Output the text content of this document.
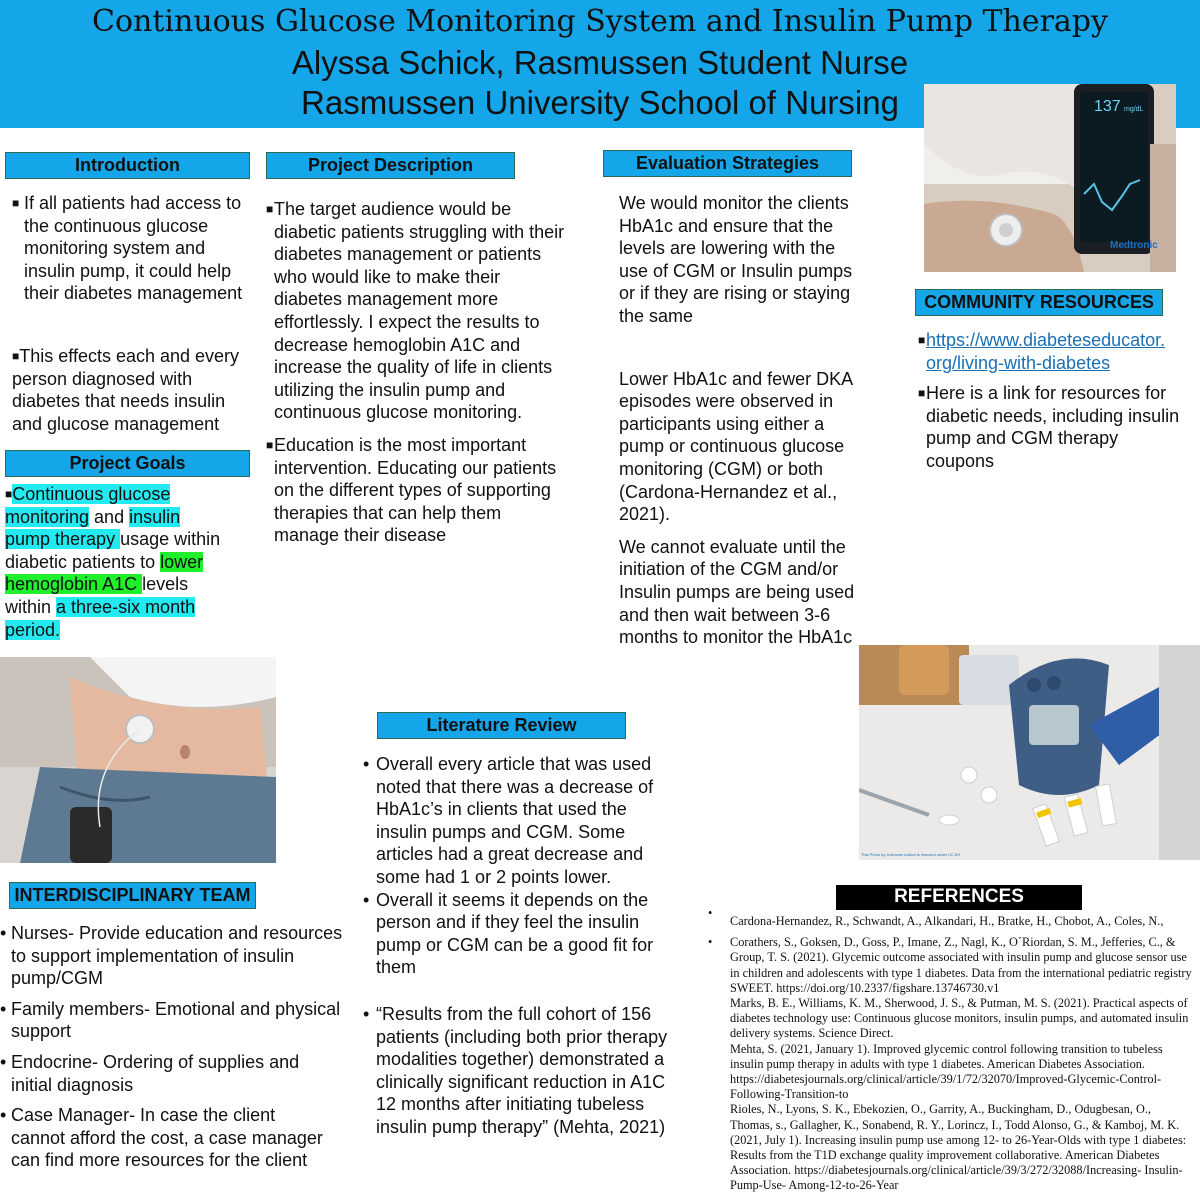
Continuous Glucose Monitoring System and Insulin Pump Therapy
Alyssa Schick, Rasmussen Student Nurse
Rasmussen University School of Nursing	137 mg/dL
Medtronic
Introduction
■ If all patients had access to the continuous glucose monitoring system and insulin pump, it could help their diabetes management
■This effects each and every person diagnosed with diabetes that needs insulin and glucose management
Project Goals
■Continuous glucose monitoring and insulin pump therapy usage within diabetic patients to lower hemoglobin A1C levels within a three-six month period.
Project Description
■ The target audience would be diabetic patients struggling with their diabetes management or patients who would like to make their diabetes management more effortlessly. I expect the results to decrease hemoglobin A1C and increase the quality of life in clients utilizing the insulin pump and continuous glucose monitoring.
■ Education is the most important intervention. Educating our patients on the different types of supporting therapies that can help them manage their disease
Evaluation Strategies
We would monitor the clients HbA1c and ensure that the levels are lowering with the use of CGM or Insulin pumps or if they are rising or staying the same
Lower HbA1c and fewer DKA episodes were observed in participants using either a pump or continuous glucose monitoring (CGM) or both (Cardona-Hernandez et al., 2021).
We cannot evaluate until the initiation of the CGM and/or Insulin pumps are being used and then wait between 3-6 months to monitor the HbA1c
COMMUNITY RESOURCES
■ https://www.diabeteseducator.
org/living-with-diabetes
■ Here is a link for resources for diabetic needs, including insulin pump and CGM therapy coupons
Literature Review
• Overall every article that was used noted that there was a decrease of HbA1c’s in clients that used the insulin pumps and CGM. Some articles had a great decrease and some had 1 or 2 points lower.
• Overall it seems it depends on the person and if they feel the insulin pump or CGM can be a good fit for them
• “Results from the full cohort of 156 patients (including both prior therapy modalities together) demonstrated a clinically significant reduction in A1C 12 months after initiating tubeless insulin pump therapy” (Mehta, 2021)
INTERDISCIPLINARY TEAM
• Nurses- Provide education and resources to support implementation of insulin pump/CGM
• Family members- Emotional and physical support
• Endocrine- Ordering of supplies and initial diagnosis
• Case Manager- In case the client cannot afford the cost, a case manager can find more resources for the client
This Photo by Unknown Author is licensed under CC BY
REFERENCES
•
Cardona-Hernandez, R., Schwandt, A., Alkandari, H., Bratke, H., Chobot, A., Coles, N.,
• Corathers, S., Goksen, D., Goss, P., Imane, Z., Nagl, K., O´Riordan, S. M., Jefferies, C., & Group, T. S. (2021). Glycemic outcome associated with insulin pump and glucose sensor use in children and adolescents with type 1 diabetes. Data from the international pediatric registry SWEET. https://doi.org/10.2337/figshare.13746730.v1
Marks, B. E., Williams, K. M., Sherwood, J. S., & Putman, M. S. (2021). Practical aspects of diabetes technology use: Continuous glucose monitors, insulin pumps, and automated insulin delivery systems. Science Direct.
Mehta, S. (2021, January 1). Improved glycemic control following transition to tubeless insulin pump therapy in adults with type 1 diabetes. American Diabetes Association. https://diabetesjournals.org/clinical/article/39/1/72/32070/Improved-Glycemic-Control-Following-Transition-to
Rioles, N., Lyons, S. K., Ebekozien, O., Garrity, A., Buckingham, D., Odugbesan, O., Thomas, s., Gallagher, K., Sonabend, R. Y., Lorincz, I., Todd Alonso, G., & Kamboj, M. K. (2021, July 1). Increasing insulin pump use among 12- to 26-Year-Olds with type 1 diabetes: Results from the T1D exchange quality improvement collaborative. American Diabetes Association. https://diabetesjournals.org/clinical/article/39/3/272/32088/Increasing- Insulin-Pump-Use- Among-12-to-26-Year
